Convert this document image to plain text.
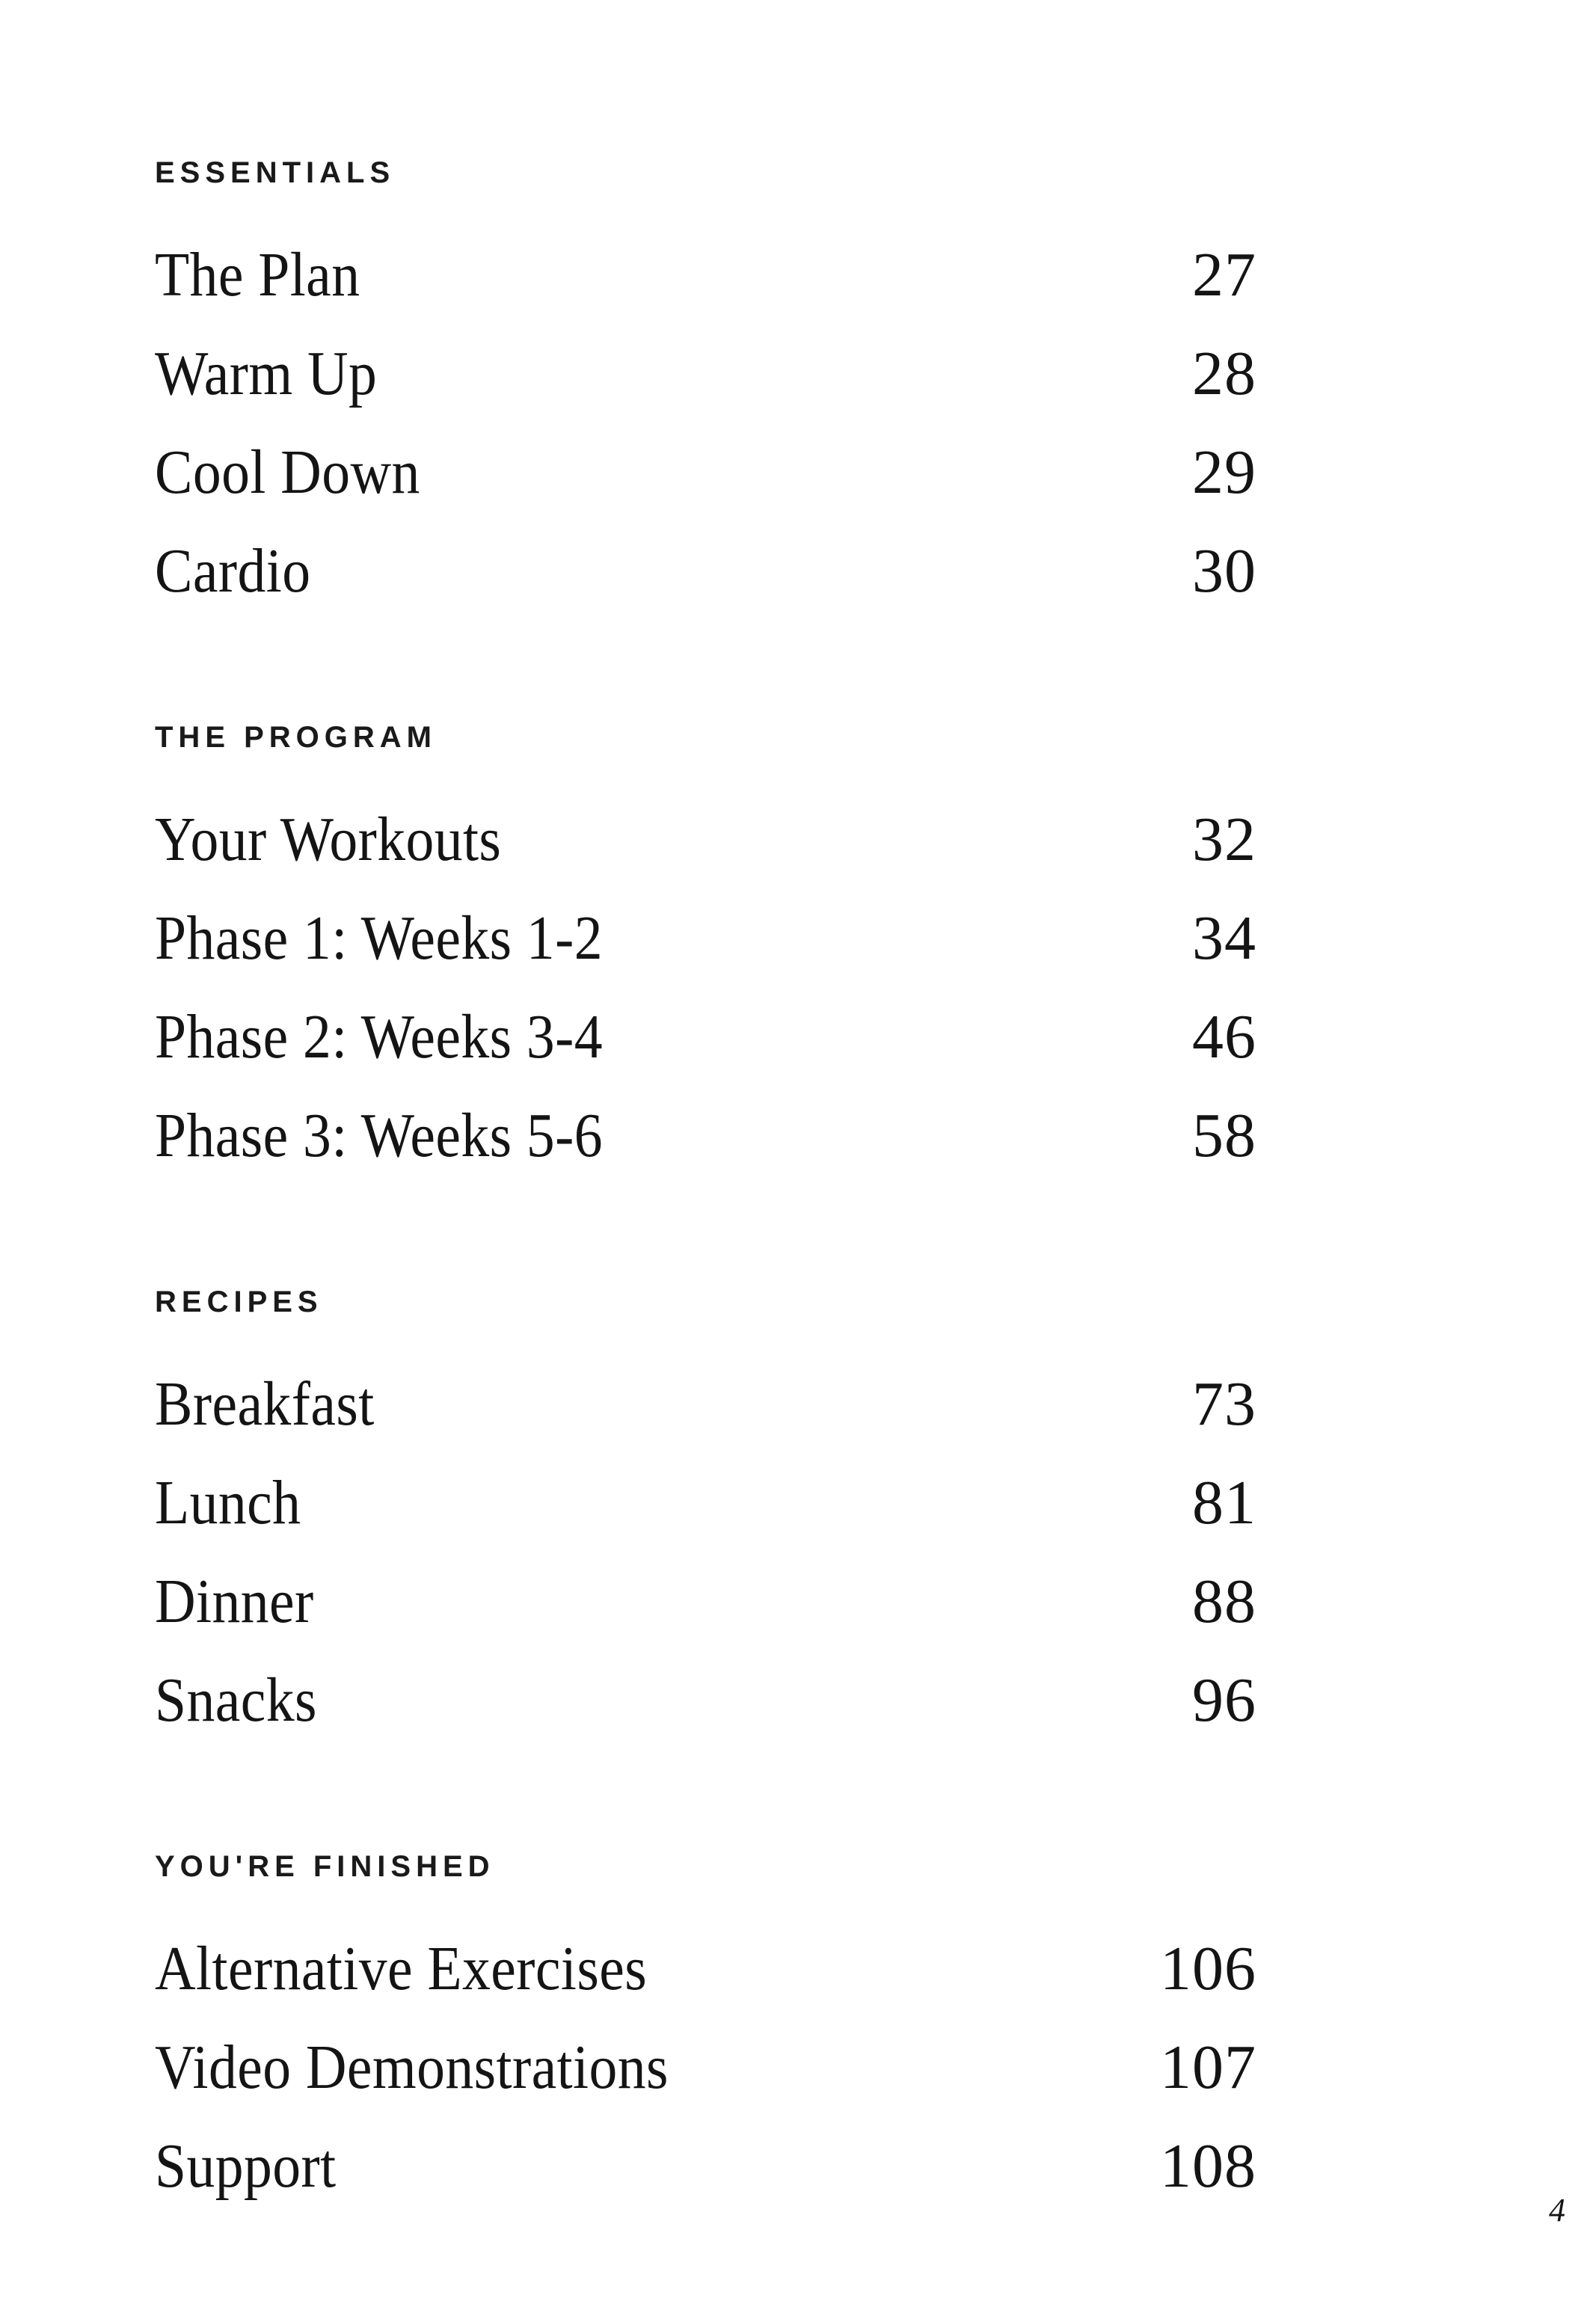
ESSENTIALS
The Plan	27
Warm Up	28
Cool Down	29
Cardio	30
THE PROGRAM
Your Workouts	32
Phase 1: Weeks 1-2	34
Phase 2: Weeks 3-4	46
Phase 3: Weeks 5-6	58
RECIPES
Breakfast	73
Lunch	81
Dinner	88
Snacks	96
YOU'RE FINISHED
Alternative Exercises	106
Video Demonstrations	107
Support	108
4
